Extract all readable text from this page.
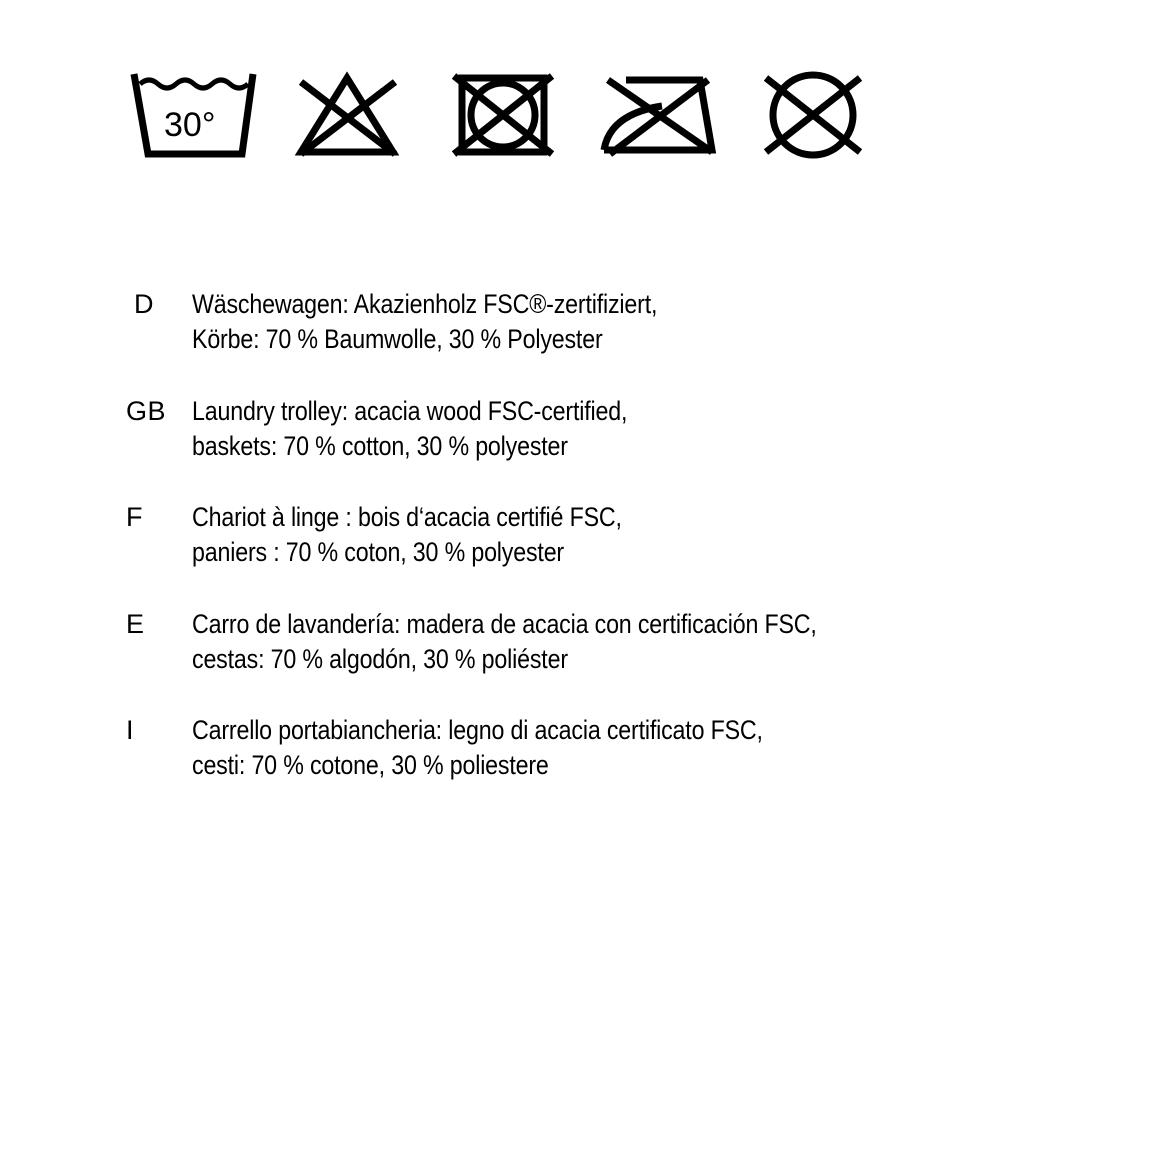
30°
D	Wäschewagen: Akazienholz FSC®-zertifiziert,
Körbe: 70 % Baumwolle, 30 % Polyester
GB Laundry trolley: acacia wood FSC-certified,
baskets: 70 % cotton, 30 % polyester
F	Chariot à linge : bois d‘acacia certifié FSC,
paniers : 70 % coton, 30 % polyester
E	Carro de lavandería: madera de acacia con certificación FSC,
cestas: 70 % algodón, 30 % poliéster
I	Carrello portabiancheria: legno di acacia certificato FSC,
cesti: 70 % cotone, 30 % poliestere
